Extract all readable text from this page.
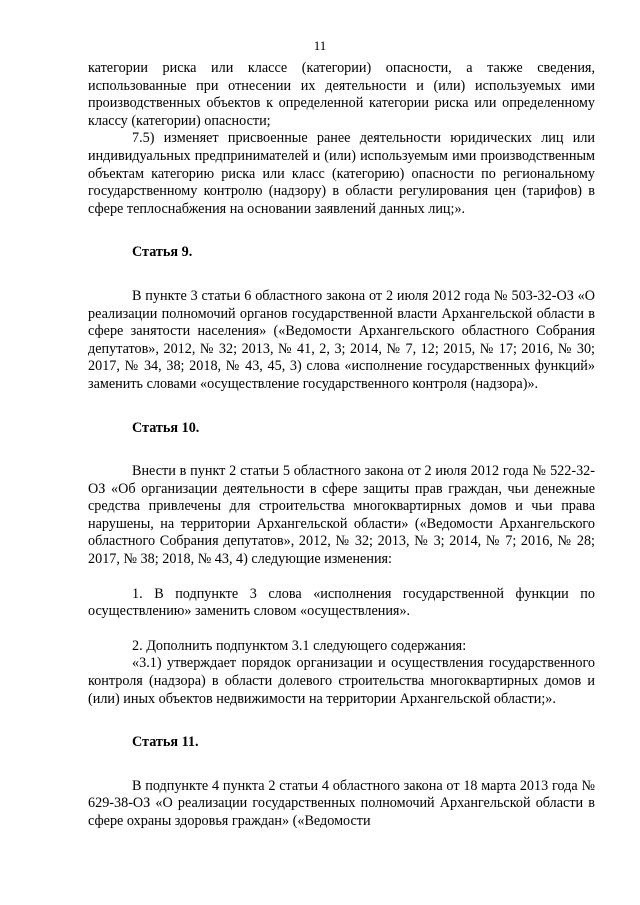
11

категории риска или классе (категории) опасности, а также сведения, использованные при отнесении их деятельности и (или) используемых ими производственных объектов к определенной категории риска или определенному классу (категории) опасности;

7.5) изменяет присвоенные ранее деятельности юридических лиц или индивидуальных предпринимателей и (или) используемым ими производственным объектам категорию риска или класс (категорию) опасности по региональному государственному контролю (надзору) в области регулирования цен (тарифов) в сфере теплоснабжения на основании заявлений данных лиц;».

Статья 9.

В пункте 3 статьи 6 областного закона от 2 июля 2012 года № 503-32-ОЗ «О реализации полномочий органов государственной власти Архангельской области в сфере занятости населения» («Ведомости Архангельского областного Собрания депутатов», 2012, № 32; 2013, № 41, 2, 3; 2014, № 7, 12; 2015, № 17; 2016, № 30; 2017, № 34, 38; 2018, № 43, 45, 3) слова «исполнение государственных функций» заменить словами «осуществление государственного контроля (надзора)».

Статья 10.

Внести в пункт 2 статьи 5 областного закона от 2 июля 2012 года № 522-32-ОЗ «Об организации деятельности в сфере защиты прав граждан, чьи денежные средства привлечены для строительства многоквартирных домов и чьи права нарушены, на территории Архангельской области» («Ведомости Архангельского областного Собрания депутатов», 2012, № 32; 2013, № 3; 2014, № 7; 2016, № 28; 2017, № 38; 2018, № 43, 4) следующие изменения:

1. В подпункте 3 слова «исполнения государственной функции по осуществлению» заменить словом «осуществления».

2. Дополнить подпунктом 3.1 следующего содержания:

«3.1) утверждает порядок организации и осуществления государственного контроля (надзора) в области долевого строительства многоквартирных домов и (или) иных объектов недвижимости на территории Архангельской области;».

Статья 11.

В подпункте 4 пункта 2 статьи 4 областного закона от 18 марта 2013 года № 629-38-ОЗ «О реализации государственных полномочий Архангельской области в сфере охраны здоровья граждан» («Ведомости
